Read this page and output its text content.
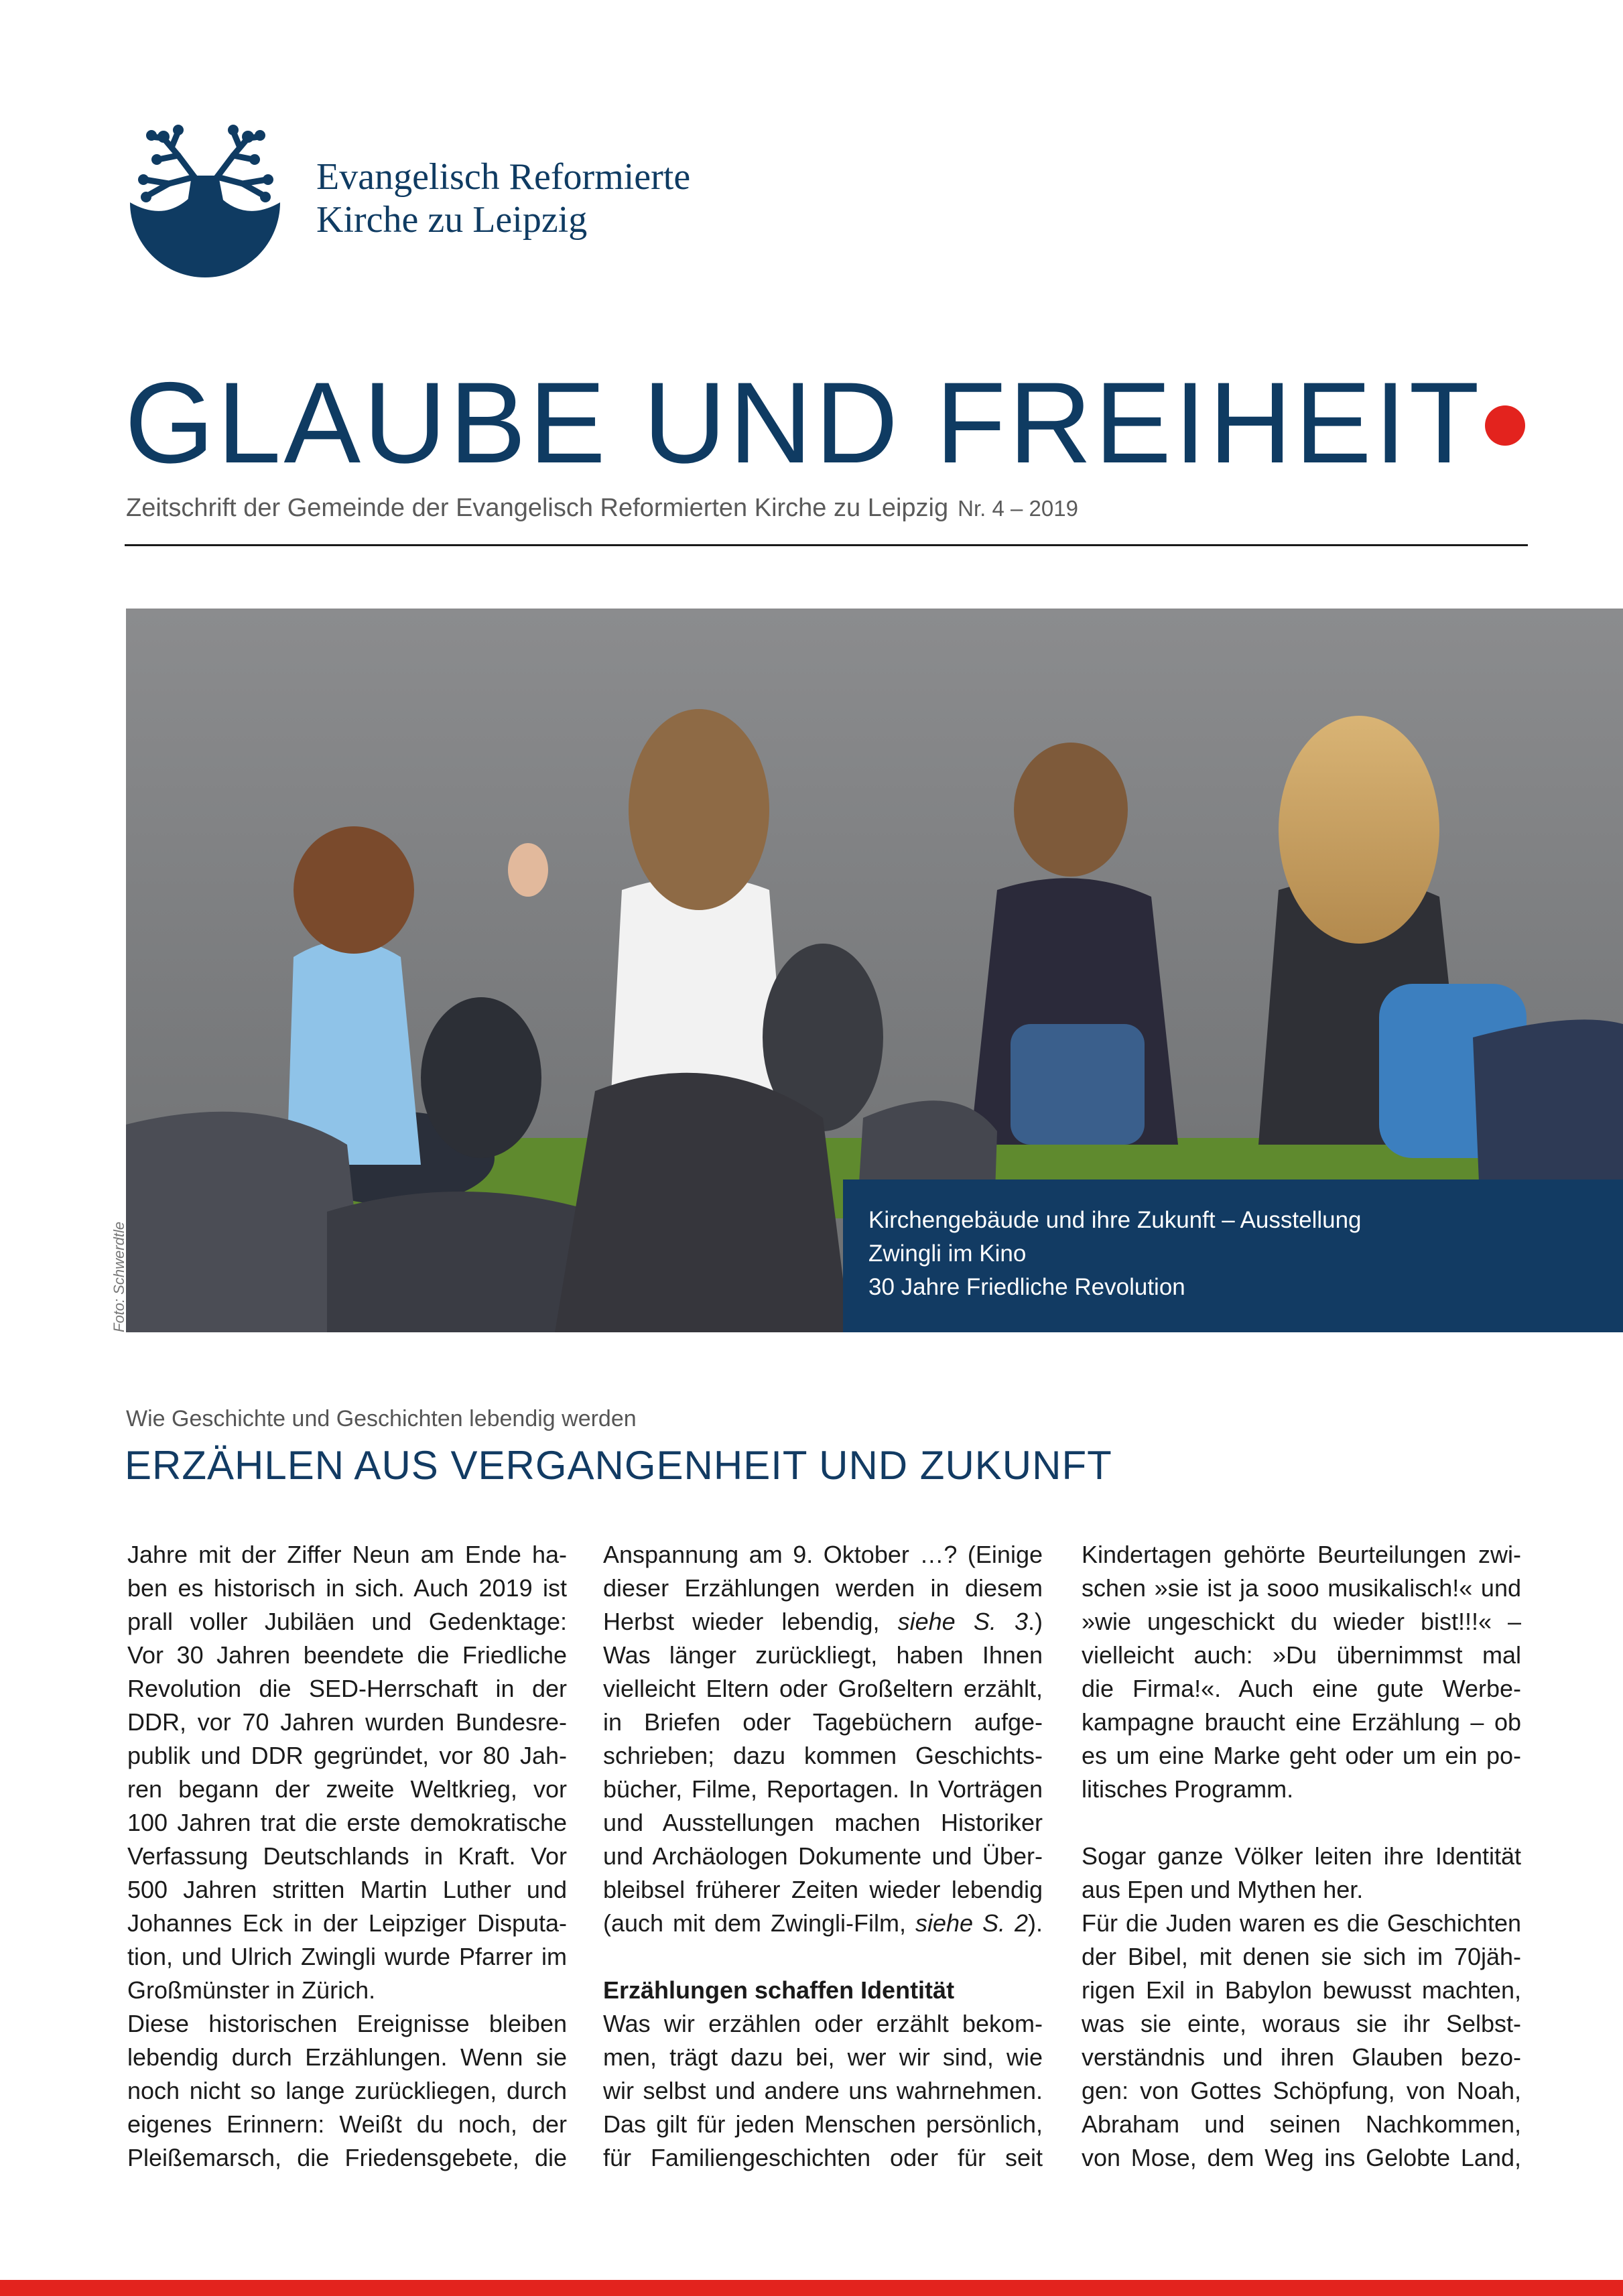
Evangelisch Reformierte
Kirche zu Leipzig
GLAUBE UND FREIHEIT
Zeitschrift der Gemeinde der Evangelisch Reformierten Kirche zu Leipzig Nr. 4 – 2019
Kirchengebäude und ihre Zukunft – Ausstellung
Zwingli im Kino
30 Jahre Friedliche Revolution
Foto: Schwerdtle
Wie Geschichte und Geschichten lebendig werden
ERZÄHLEN AUS VERGANGENHEIT UND ZUKUNFT
Jahre mit der Ziffer Neun am Ende ha-
ben es historisch in sich. Auch 2019 ist
prall voller Jubiläen und Gedenktage:
Vor 30 Jahren beendete die Friedliche
Revolution die SED-Herrschaft in der
DDR, vor 70 Jahren wurden Bundesre-
publik und DDR gegründet, vor 80 Jah-
ren begann der zweite Weltkrieg, vor
100 Jahren trat die erste demokratische
Verfassung Deutschlands in Kraft. Vor
500 Jahren stritten Martin Luther und
Johannes Eck in der Leipziger Disputa-
tion, und Ulrich Zwingli wurde Pfarrer im
Großmünster in Zürich.
Diese historischen Ereignisse bleiben
lebendig durch Erzählungen. Wenn sie
noch nicht so lange zurückliegen, durch
eigenes Erinnern: Weißt du noch, der
Pleißemarsch, die Friedensgebete, die
Anspannung am 9. Oktober …? (Einige
dieser Erzählungen werden in diesem
Herbst wieder lebendig, siehe S. 3.)
Was länger zurückliegt, haben Ihnen
vielleicht Eltern oder Großeltern erzählt,
in Briefen oder Tagebüchern aufge-
schrieben; dazu kommen Geschichts-
bücher, Filme, Reportagen. In Vorträgen
und Ausstellungen machen Historiker
und Archäologen Dokumente und Über-
bleibsel früherer Zeiten wieder lebendig
(auch mit dem Zwingli-Film, siehe S. 2).
Erzählungen schaffen Identität
Was wir erzählen oder erzählt bekom-
men, trägt dazu bei, wer wir sind, wie
wir selbst und andere uns wahrnehmen.
Das gilt für jeden Menschen persönlich,
für Familiengeschichten oder für seit
Kindertagen gehörte Beurteilungen zwi-
schen »sie ist ja sooo musikalisch!« und
»wie ungeschickt du wieder bist!!!« –
vielleicht auch: »Du übernimmst mal
die Firma!«. Auch eine gute Werbe-
kampagne braucht eine Erzählung – ob
es um eine Marke geht oder um ein po-
litisches Programm.
Sogar ganze Völker leiten ihre Identität
aus Epen und Mythen her.
Für die Juden waren es die Geschichten
der Bibel, mit denen sie sich im 70jäh-
rigen Exil in Babylon bewusst machten,
was sie einte, woraus sie ihr Selbst-
verständnis und ihren Glauben bezo-
gen: von Gottes Schöpfung, von Noah,
Abraham und seinen Nachkommen,
von Mose, dem Weg ins Gelobte Land,
